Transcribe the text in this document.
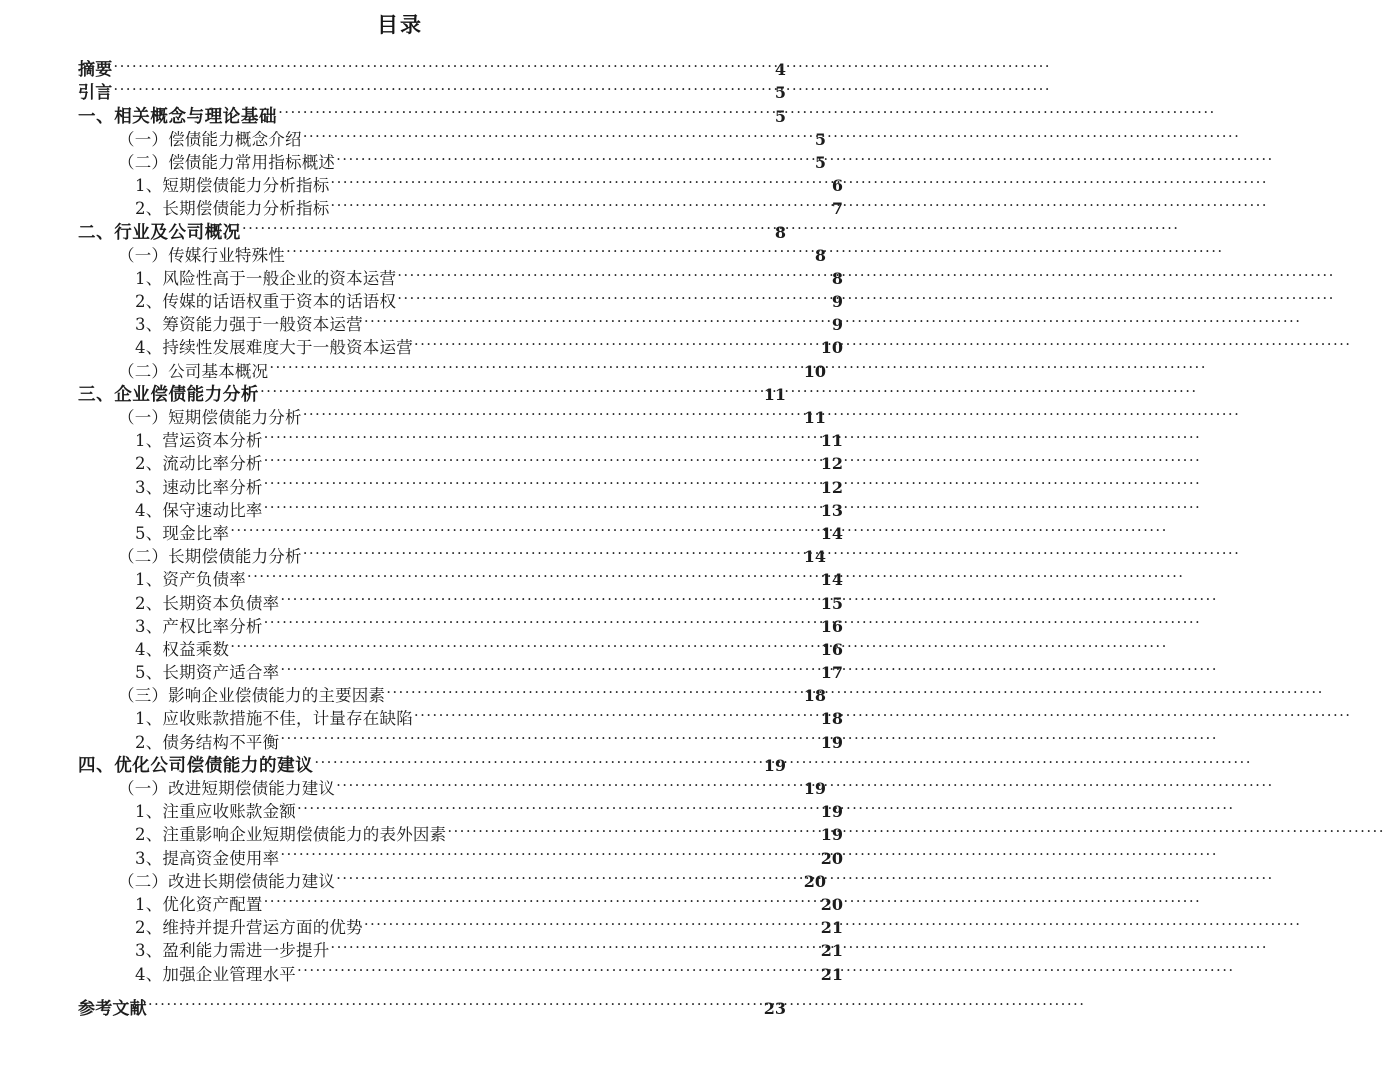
目录
摘要 .....	4
引言 .....	5
一、相关概念与理论基础 .....	5
（一）偿债能力概念介绍 .....	5
（二）偿债能力常用指标概述 .....	5
1、短期偿债能力分析指标 .....	6
2、长期偿债能力分析指标 .....	7
二、行业及公司概况 .....	8
（一）传媒行业特殊性 .....	8
1、风险性高于一般企业的资本运营 .....	8
2、传媒的话语权重于资本的话语权 .....	9
3、筹资能力强于一般资本运营 .....	9
4、持续性发展难度大于一般资本运营 .....	10
（二）公司基本概况 .....	10
三、企业偿债能力分析 .....	11
（一）短期偿债能力分析 .....	11
1、营运资本分析 .....	11
2、流动比率分析 .....	12
3、速动比率分析 .....	12
4、保守速动比率 .....	13
5、现金比率 .....	14
（二）长期偿债能力分析 .....	14
1、资产负债率 .....	14
2、长期资本负债率 .....	15
3、产权比率分析 .....	16
4、权益乘数 .....	16
5、长期资产适合率 .....	17
（三）影响企业偿债能力的主要因素 .....	18
1、应收账款措施不佳，计量存在缺陷 .....	18
2、债务结构不平衡 .....	19
四、优化公司偿债能力的建议 .....	19
（一）改进短期偿债能力建议 .....	19
1、注重应收账款金额 .....	19
2、注重影响企业短期偿债能力的表外因素 .....	19
3、提高资金使用率 .....	20
（二）改进长期偿债能力建议 .....	20
1、优化资产配置 .....	20
2、维持并提升营运方面的优势 .....	21
3、盈利能力需进一步提升 .....	21
4、加强企业管理水平 .....	21
参考文献 .....	23
